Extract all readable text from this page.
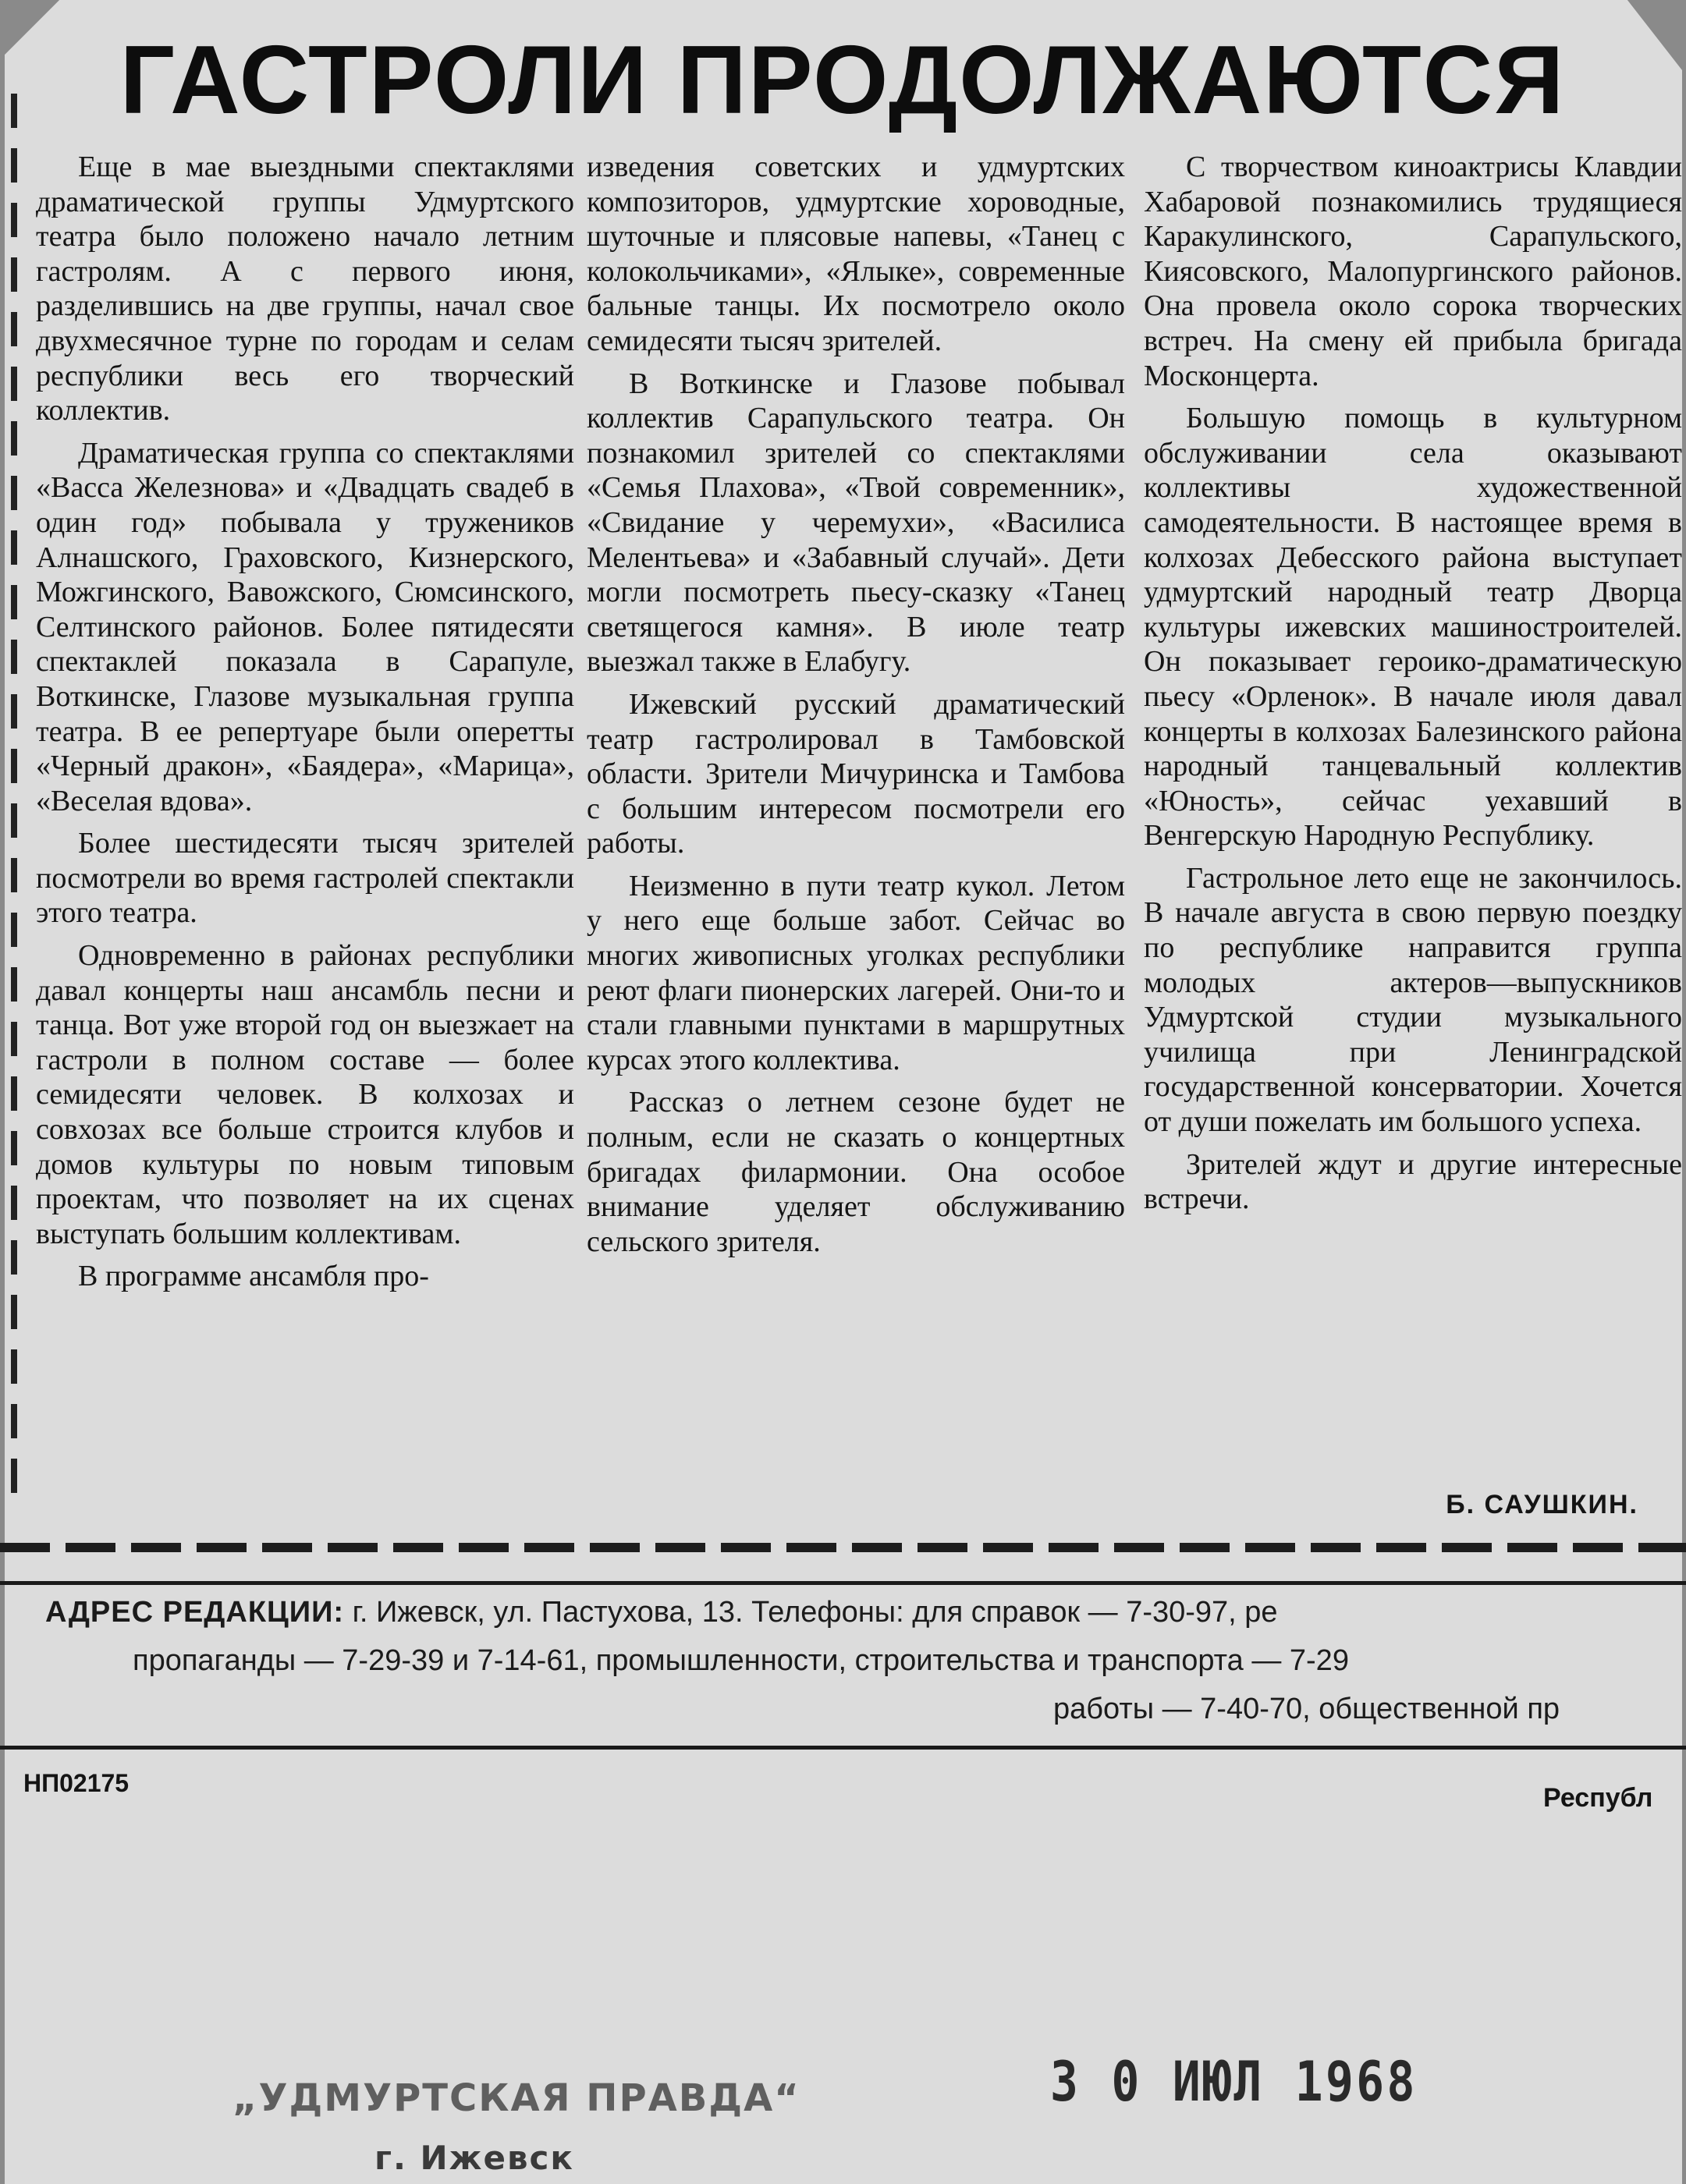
ГАСТРОЛИ ПРОДОЛЖАЮТСЯ

Еще в мае выездными спектаклями драматической группы Удмуртского театра было положено начало летним гастролям. А с первого июня, разделившись на две группы, начал свое двухмесячное турне по городам и селам республики весь его творческий коллектив.

Драматическая группа со спектаклями «Васса Железнова» и «Двадцать свадеб в один год» побывала у тружеников Алнашского, Граховского, Кизнерского, Можгинского, Вавожского, Сюмсинского, Селтинского районов. Более пятидесяти спектаклей показала в Сарапуле, Воткинске, Глазове музыкальная группа театра. В ее репертуаре были оперетты «Черный дракон», «Баядера», «Марица», «Веселая вдова».

Более шестидесяти тысяч зрителей посмотрели во время гастролей спектакли этого театра.

Одновременно в районах республики давал концерты наш ансамбль песни и танца. Вот уже второй год он выезжает на гастроли в полном составе — более семидесяти человек. В колхозах и совхозах все больше строится клубов и домов культуры по новым типовым проектам, что позволяет на их сценах выступать большим коллективам.

В программе ансамбля про-

изведения советских и удмуртских композиторов, удмуртские хороводные, шуточные и плясовые напевы, «Танец с колокольчиками», «Ялыке», современные бальные танцы. Их посмотрело около семидесяти тысяч зрителей.

В Воткинске и Глазове побывал коллектив Сарапульского театра. Он познакомил зрителей со спектаклями «Семья Плахова», «Твой современник», «Свидание у черемухи», «Василиса Мелентьева» и «Забавный случай». Дети могли посмотреть пьесу-сказку «Танец светящегося камня». В июле театр выезжал также в Елабугу.

Ижевский русский драматический театр гастролировал в Тамбовской области. Зрители Мичуринска и Тамбова с большим интересом посмотрели его работы.

Неизменно в пути театр кукол. Летом у него еще больше забот. Сейчас во многих живописных уголках республики реют флаги пионерских лагерей. Они-то и стали главными пунктами в маршрутных курсах этого коллектива.

Рассказ о летнем сезоне будет не полным, если не сказать о концертных бригадах филармонии. Она особое внимание уделяет обслуживанию сельского зрителя.

С творчеством киноактрисы Клавдии Хабаровой познакомились трудящиеся Каракулинского, Сарапульского, Киясовского, Малопургинского районов. Она провела около сорока творческих встреч. На смену ей прибыла бригада Москонцерта.

Большую помощь в культурном обслуживании села оказывают коллективы художественной самодеятельности. В настоящее время в колхозах Дебесского района выступает удмуртский народный театр Дворца культуры ижевских машиностроителей. Он показывает героико-драматическую пьесу «Орленок». В начале июля давал концерты в колхозах Балезинского района народный танцевальный коллектив «Юность», сейчас уехавший в Венгерскую Народную Республику.

Гастрольное лето еще не закончилось. В начале августа в свою первую поездку по республике направится группа молодых актеров—выпускников Удмуртской студии музыкального училища при Ленинградской государственной консерватории. Хочется от души пожелать им большого успеха.

Зрителей ждут и другие интересные встречи.

Б. САУШКИН.
АДРЕС РЕДАКЦИИ: г. Ижевск, ул. Пастухова, 13. Телефоны: для справок — 7-30-97, ре
пропаганды — 7-29-39 и 7-14-61, промышленности, строительства и транспорта — 7-29
работы — 7-40-70, общественной пр
НП02175	Республ
„УДМУРТСКАЯ ПРАВДА“	3 0 ИЮЛ 1968
г. Ижевск
